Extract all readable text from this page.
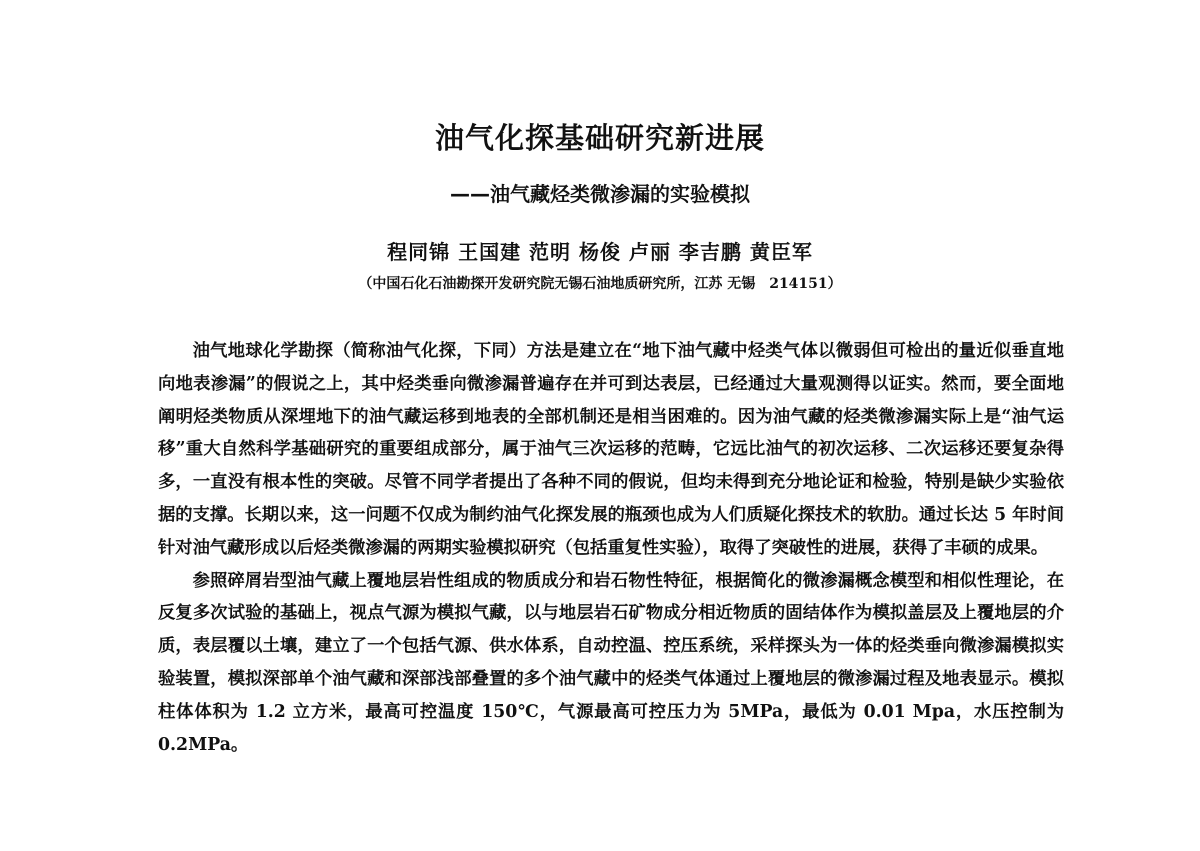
油气化探基础研究新进展
——油气藏烃类微渗漏的实验模拟
程同锦 王国建 范明 杨俊 卢丽 李吉鹏 黄臣军
（中国石化石油勘探开发研究院无锡石油地质研究所，江苏 无锡　214151）

油气地球化学勘探（简称油气化探，下同）方法是建立在“地下油气藏中烃类气体以微弱但可检出的量近似垂直地向地表渗漏”的假说之上，其中烃类垂向微渗漏普遍存在并可到达表层，已经通过大量观测得以证实。然而，要全面地阐明烃类物质从深埋地下的油气藏运移到地表的全部机制还是相当困难的。因为油气藏的烃类微渗漏实际上是“油气运移”重大自然科学基础研究的重要组成部分，属于油气三次运移的范畴，它远比油气的初次运移、二次运移还要复杂得多，一直没有根本性的突破。尽管不同学者提出了各种不同的假说，但均未得到充分地论证和检验，特别是缺少实验依据的支撑。长期以来，这一问题不仅成为制约油气化探发展的瓶颈也成为人们质疑化探技术的软肋。通过长达 5 年时间针对油气藏形成以后烃类微渗漏的两期实验模拟研究（包括重复性实验），取得了突破性的进展，获得了丰硕的成果。

参照碎屑岩型油气藏上覆地层岩性组成的物质成分和岩石物性特征，根据简化的微渗漏概念模型和相似性理论，在反复多次试验的基础上，视点气源为模拟气藏，以与地层岩石矿物成分相近物质的固结体作为模拟盖层及上覆地层的介质，表层覆以土壤，建立了一个包括气源、供水体系，自动控温、控压系统，采样探头为一体的烃类垂向微渗漏模拟实验装置，模拟深部单个油气藏和深部浅部叠置的多个油气藏中的烃类气体通过上覆地层的微渗漏过程及地表显示。模拟柱体体积为 1.2 立方米，最高可控温度 150℃，气源最高可控压力为 5MPa，最低为 0.01 Mpa，水压控制为 0.2MPa。
